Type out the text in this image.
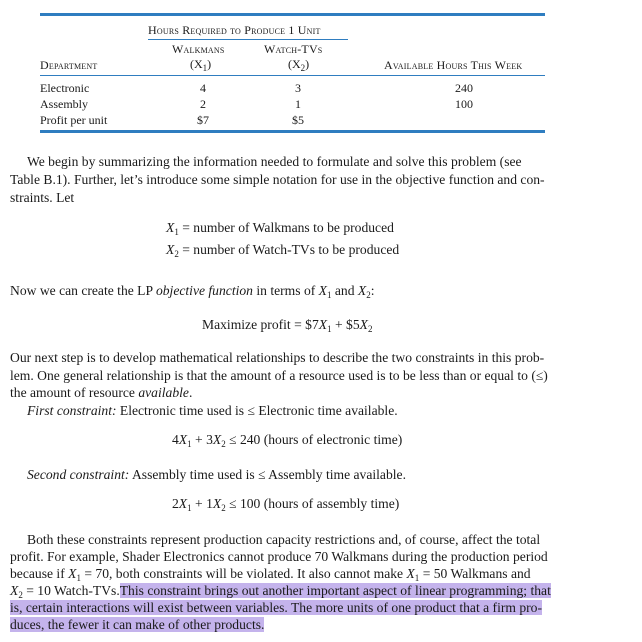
Hours Required to Produce 1 Unit
Walkmans	Watch-TVs
Department	$(X_1)$	$(X_2)$	Available Hours This Week
Electronic	4	3	240
Assembly	2	1	100
Profit per unit	$7	$5
We begin by summarizing the information needed to formulate and solve this problem (see
Table B.1). Further, let’s introduce some simple notation for use in the objective function and con-
straints. Let
$X_1$ = number of Walkmans to be produced
$X_2$ = number of Watch-TVs to be produced
Now we can create the LP objective function in terms of $X_1$ and $X_2$:
Maximize profit = $\$7X_1$ + $\$5X_2$
Our next step is to develop mathematical relationships to describe the two constraints in this prob-
lem. One general relationship is that the amount of a resource used is to be less than or equal to (≤)
the amount of resource available.
First constraint: Electronic time used is ≤ Electronic time available.
$4X_1 + 3X_2 \le 240$ (hours of electronic time)
Second constraint: Assembly time used is ≤ Assembly time available.
$2X_1 + 1X_2 \le 100$ (hours of assembly time)
Both these constraints represent production capacity restrictions and, of course, affect the total
profit. For example, Shader Electronics cannot produce 70 Walkmans during the production period
because if $X_1 = 70$, both constraints will be violated. It also cannot make $X_1 = 50$ Walkmans and
$X_2 = 10$ Watch-TVs.This constraint brings out another important aspect of linear programming; that
is, certain interactions will exist between variables. The more units of one product that a firm pro-
duces, the fewer it can make of other products.
